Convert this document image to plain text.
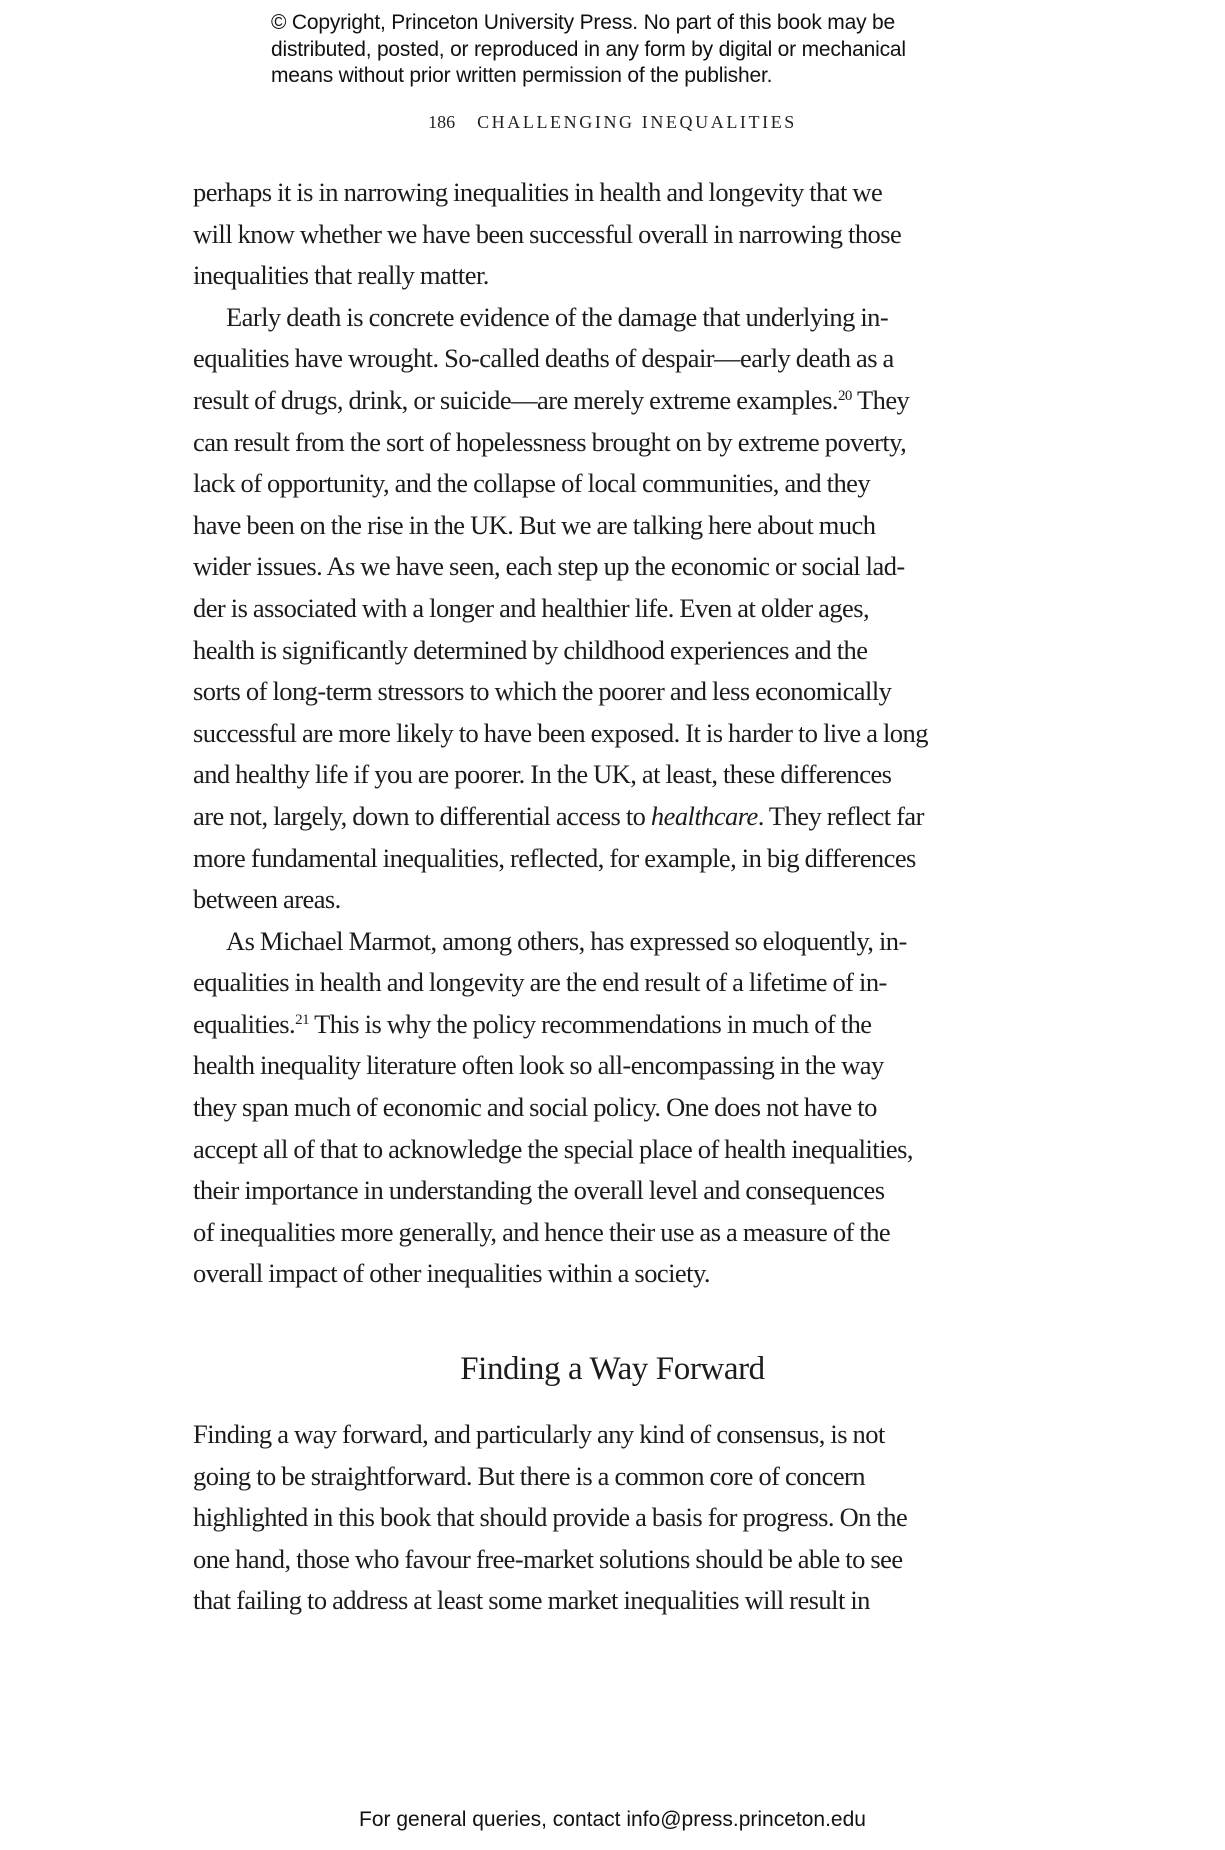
© Copyright, Princeton University Press. No part of this book may be
distributed, posted, or reproduced in any form by digital or mechanical
means without prior written permission of the publisher.
186 CHALLENGING INEQUALITIES
perhaps it is in narrowing inequalities in health and longevity that we
will know whether we have been successful overall in narrowing those
inequalities that really matter.
Early death is concrete evidence of the damage that underlying in-
equalities have wrought. So-called deaths of despair—early death as a
result of drugs, drink, or suicide—are merely extreme examples.$^{20}$ They
can result from the sort of hopelessness brought on by extreme poverty,
lack of opportunity, and the collapse of local communities, and they
have been on the rise in the UK. But we are talking here about much
wider issues. As we have seen, each step up the economic or social lad-
der is associated with a longer and healthier life. Even at older ages,
health is significantly determined by childhood experiences and the
sorts of long-term stressors to which the poorer and less economically
successful are more likely to have been exposed. It is harder to live a long
and healthy life if you are poorer. In the UK, at least, these differences
are not, largely, down to differential access to healthcare. They reflect far
more fundamental inequalities, reflected, for example, in big differences
between areas.
As Michael Marmot, among others, has expressed so eloquently, in-
equalities in health and longevity are the end result of a lifetime of in-
equalities.$^{21}$ This is why the policy recommendations in much of the
health inequality literature often look so all-encompassing in the way
they span much of economic and social policy. One does not have to
accept all of that to acknowledge the special place of health inequalities,
their importance in understanding the overall level and consequences
of inequalities more generally, and hence their use as a measure of the
overall impact of other inequalities within a society.
Finding a Way Forward
Finding a way forward, and particularly any kind of consensus, is not
going to be straightforward. But there is a common core of concern
highlighted in this book that should provide a basis for progress. On the
one hand, those who favour free-market solutions should be able to see
that failing to address at least some market inequalities will result in
For general queries, contact info@press.princeton.edu
